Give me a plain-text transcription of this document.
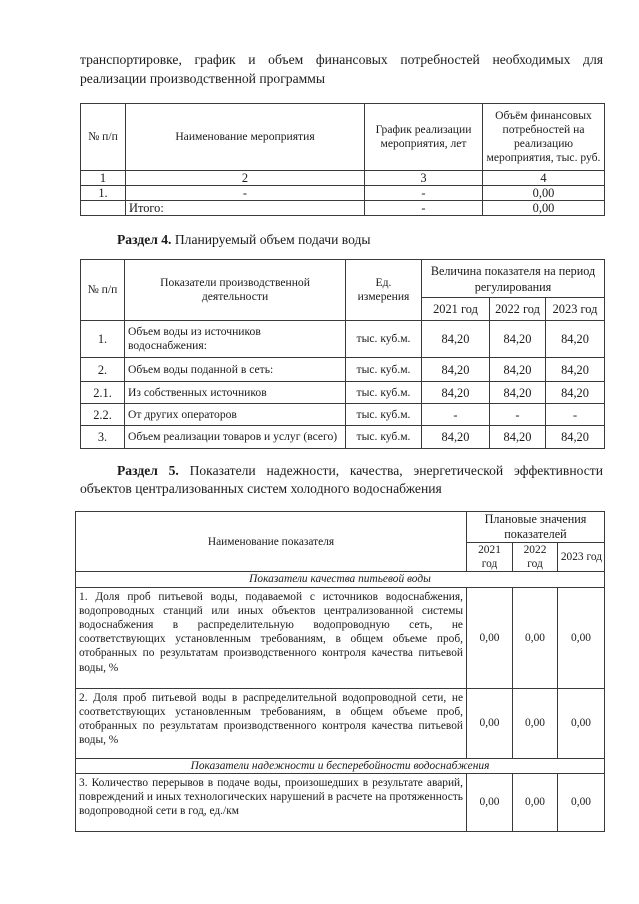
транспортировке, график и объем финансовых потребностей необходимых для
реализации производственной программы
№ п/п	Наименование мероприятия	График реализации мероприятия, лет	Объём финансовых потребностей на реализацию мероприятия, тыс. руб.
1	2	3	4
1.	-	-	0,00
	Итого:	-	0,00
Раздел 4. Планируемый объем подачи воды
№ п/п	Показатели производственной деятельности	Ед. измерения	Величина показателя на период регулирования		
			2021 год	2022 год	2023 год
1.	Объем воды из источников водоснабжения:	тыс. куб.м.	84,20	84,20	84,20
2.	Объем воды поданной в сеть:	тыс. куб.м.	84,20	84,20	84,20
2.1.	Из собственных источников	тыс. куб.м.	84,20	84,20	84,20
2.2.	От других операторов	тыс. куб.м.	-	-	-
3.	Объем реализации товаров и услуг (всего)	тыс. куб.м.	84,20	84,20	84,20
Раздел 5. Показатели надежности, качества, энергетической эффективности
объектов централизованных систем холодного водоснабжения
Наименование показателя	Плановые значения показателей		
	2021 год	2022 год	2023 год
Показатели качества питьевой воды			
1. Доля проб питьевой воды, подаваемой с источников водоснабжения, водопроводных станций или иных объектов централизованной системы водоснабжения в распределительную водопроводную сеть, не соответствующих установленным требованиям, в общем объеме проб, отобранных по результатам производственного контроля качества питьевой воды, %	0,00	0,00	0,00
2. Доля проб питьевой воды в распределительной водопроводной сети, не соответствующих установленным требованиям, в общем объеме проб, отобранных по результатам производственного контроля качества питьевой воды, %	0,00	0,00	0,00
Показатели надежности и бесперебойности водоснабжения			
3. Количество перерывов в подаче воды, произошедших в результате аварий, повреждений и иных технологических нарушений в расчете на протяженность водопроводной сети в год, ед./км	0,00	0,00	0,00
